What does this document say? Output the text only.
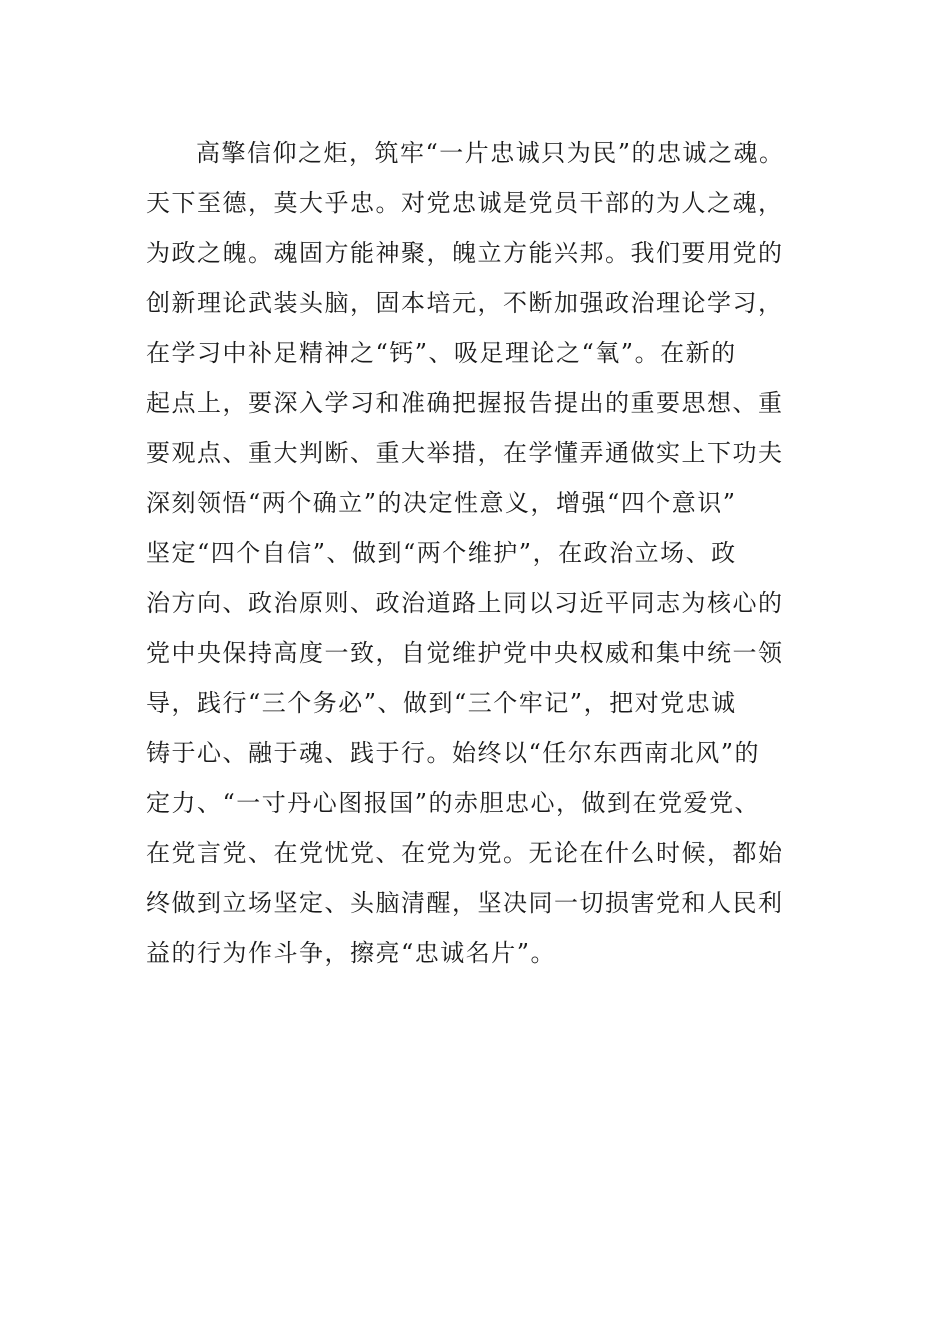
高擎信仰之炬，筑牢“一片忠诚只为民”的忠诚之魂。
天下至德，莫大乎忠。对党忠诚是党员干部的为人之魂，
为政之魄。魂固方能神聚，魄立方能兴邦。我们要用党的
创新理论武装头脑，固本培元，不断加强政治理论学习，
在学习中补足精神之“钙”、吸足理论之“氧”。在新的
起点上，要深入学习和准确把握报告提出的重要思想、重
要观点、重大判断、重大举措，在学懂弄通做实上下功夫
深刻领悟“两个确立”的决定性意义，增强“四个意识”
坚定“四个自信”、做到“两个维护”，在政治立场、政
治方向、政治原则、政治道路上同以习近平同志为核心的
党中央保持高度一致，自觉维护党中央权威和集中统一领
导，践行“三个务必”、做到“三个牢记”，把对党忠诚
铸于心、融于魂、践于行。始终以“任尔东西南北风”的
定力、“一寸丹心图报国”的赤胆忠心，做到在党爱党、
在党言党、在党忧党、在党为党。无论在什么时候，都始
终做到立场坚定、头脑清醒，坚决同一切损害党和人民利
益的行为作斗争，擦亮“忠诚名片”。
